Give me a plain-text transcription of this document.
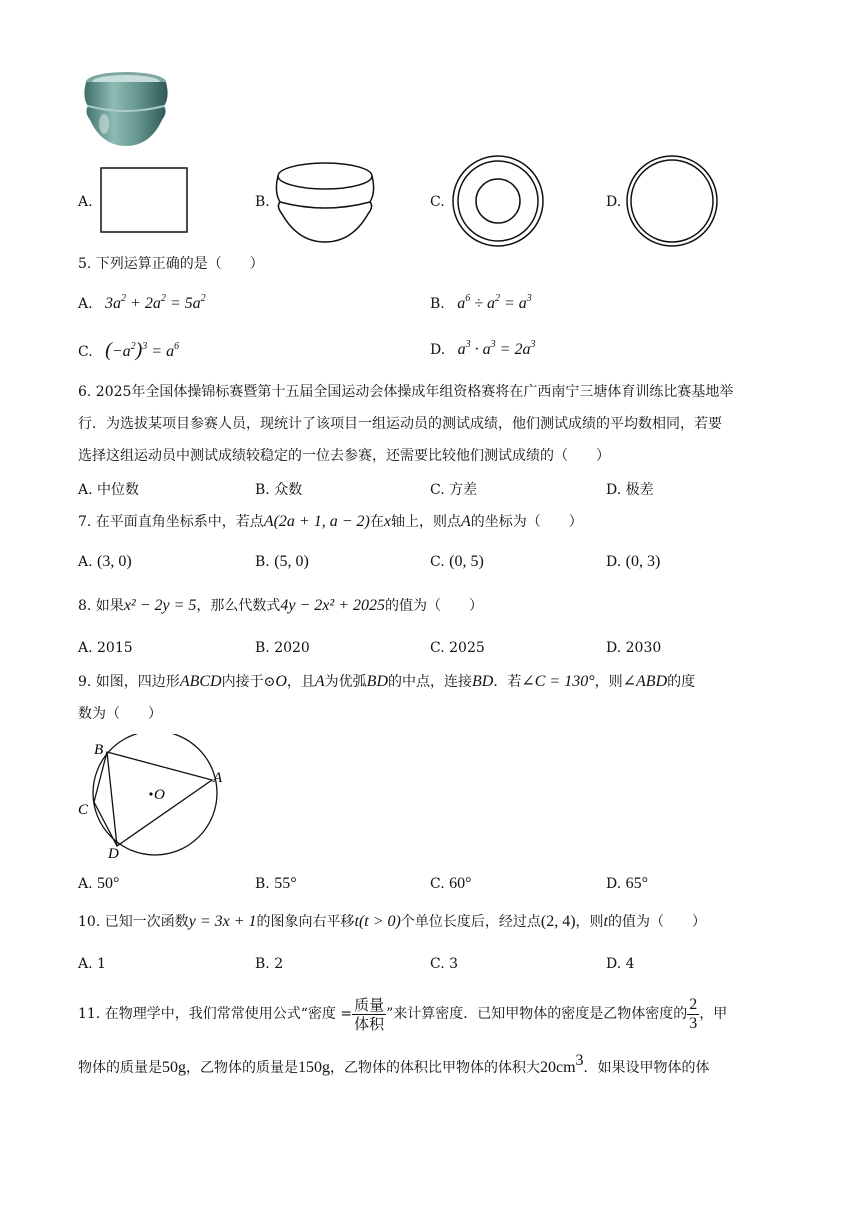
A.	B.	C.	D.
5. 下列运算正确的是（　　）
A. $3a^2 + 2a^2 = 5a^2$	B. $a^6 \div a^2 = a^3$
C. $(-a^2)^3 = a^6$	D. $a^3 \cdot a^3 = 2a^3$
6. 2025年全国体操锦标赛暨第十五届全国运动会体操成年组资格赛将在广西南宁三塘体育训练比赛基地举
行．为选拔某项目参赛人员，现统计了该项目一组运动员的测试成绩，他们测试成绩的平均数相同，若要
选择这组运动员中测试成绩较稳定的一位去参赛，还需要比较他们测试成绩的（　　）
A. 中位数	B. 众数	C. 方差	D. 极差
7. 在平面直角坐标系中，若点A(2a + 1, a − 2)在x轴上，则点A的坐标为（　　）
A. (3, 0)	B. (5, 0)	C. (0, 5)	D. (0, 3)
8. 如果x² − 2y = 5，那么代数式4y − 2x² + 2025的值为（　　）
A. 2015	B. 2020	C. 2025	D. 2030
9. 如图，四边形ABCD内接于⊙O，且A为优弧BD的中点，连接BD．若∠C = 130°，则∠ABD的度
数为（　　）
B
A
C
D
O
A. 50°	B. 55°	C. 60°	D. 65°
10. 已知一次函数y = 3x + 1的图象向右平移t(t > 0)个单位长度后，经过点(2, 4)，则t的值为（　　）
A. 1	B. 2	C. 3	D. 4
11. 在物理学中，我们常常使用公式“密度 = $\frac{\text{质量}}{\text{体积}}$ ”来计算密度．已知甲物体的密度是乙物体密度的 $\frac{2}{3}$ ，甲
物体的质量是50g，乙物体的质量是150g，乙物体的体积比甲物体的体积大$20cm^3$．如果设甲物体的体
